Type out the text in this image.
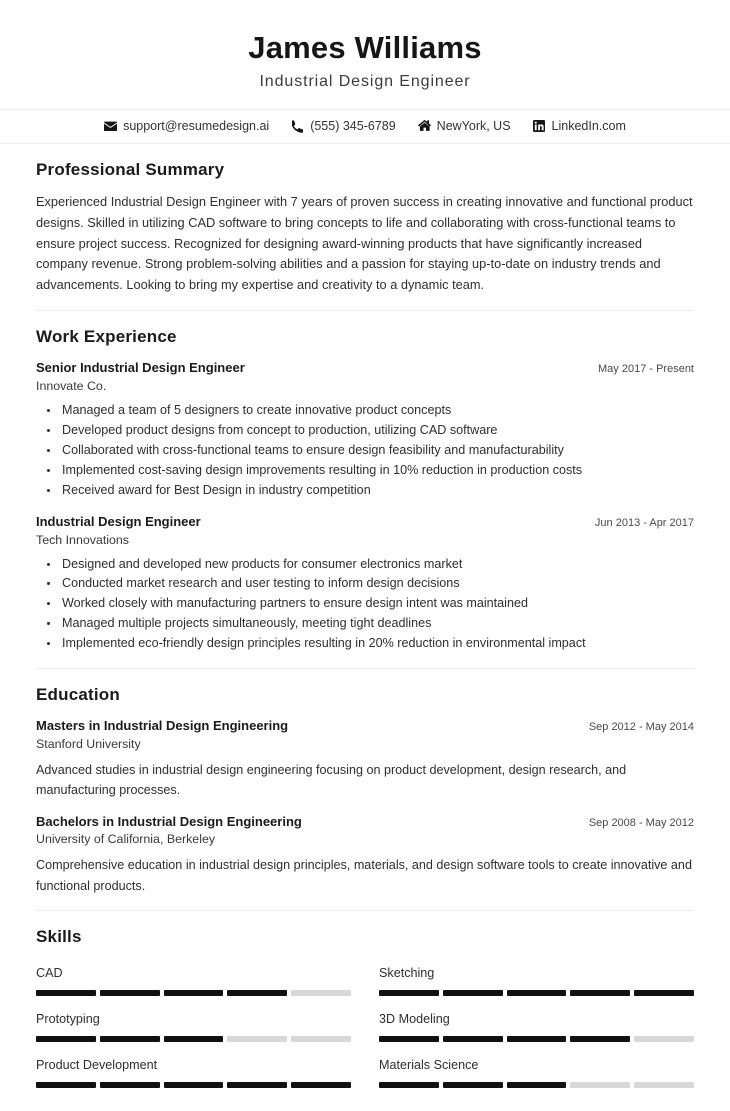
James Williams
Industrial Design Engineer
support@resumedesign.ai	(555) 345-6789	NewYork, US	LinkedIn.com
Professional Summary

Experienced Industrial Design Engineer with 7 years of proven success in creating innovative and functional product designs. Skilled in utilizing CAD software to bring concepts to life and collaborating with cross-functional teams to ensure project success. Recognized for designing award-winning products that have significantly increased company revenue. Strong problem-solving abilities and a passion for staying up-to-date on industry trends and advancements. Looking to bring my expertise and creativity to a dynamic team.

Work Experience
Senior Industrial Design Engineer	May 2017 - Present
Innovate Co.
• Managed a team of 5 designers to create innovative product concepts
• Developed product designs from concept to production, utilizing CAD software
• Collaborated with cross-functional teams to ensure design feasibility and manufacturability
• Implemented cost-saving design improvements resulting in 10% reduction in production costs
• Received award for Best Design in industry competition
Industrial Design Engineer	Jun 2013 - Apr 2017
Tech Innovations
• Designed and developed new products for consumer electronics market
• Conducted market research and user testing to inform design decisions
• Worked closely with manufacturing partners to ensure design intent was maintained
• Managed multiple projects simultaneously, meeting tight deadlines
• Implemented eco-friendly design principles resulting in 20% reduction in environmental impact
Education
Masters in Industrial Design Engineering	Sep 2012 - May 2014
Stanford University

Advanced studies in industrial design engineering focusing on product development, design research, and manufacturing processes.

Bachelors in Industrial Design Engineering	Sep 2008 - May 2012
University of California, Berkeley

Comprehensive education in industrial design principles, materials, and design software tools to create innovative and functional products.

Skills
CAD	Sketching
Prototyping	3D Modeling
Product Development	Materials Science
